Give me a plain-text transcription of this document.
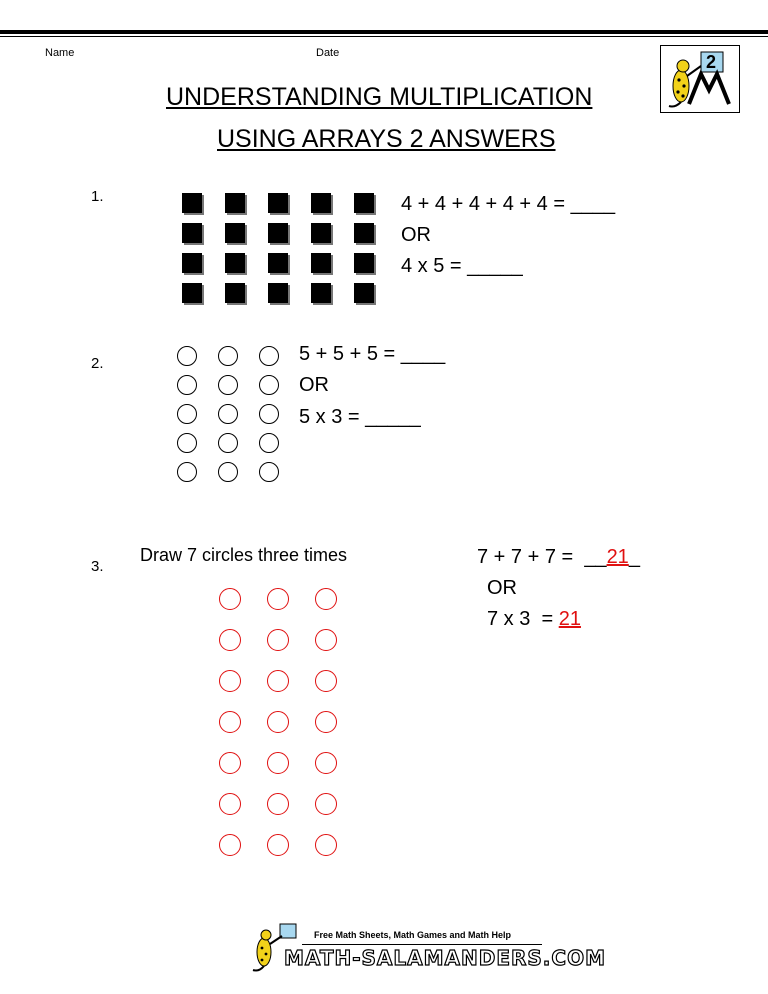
Name	Date	2
UNDERSTANDING MULTIPLICATION
USING ARRAYS 2 ANSWERS
1.	4 + 4 + 4 + 4 + 4 = ____
OR
4 x 5 = _____
2.	5 + 5 + 5 = ____
OR
5 x 3 = _____
3.
Draw 7 circles three times	7 + 7 + 7 =  __21_
OR
7 x 3  = 21
Free Math Sheets, Math Games and Math Help
MATH-SALAMANDERS.COM
